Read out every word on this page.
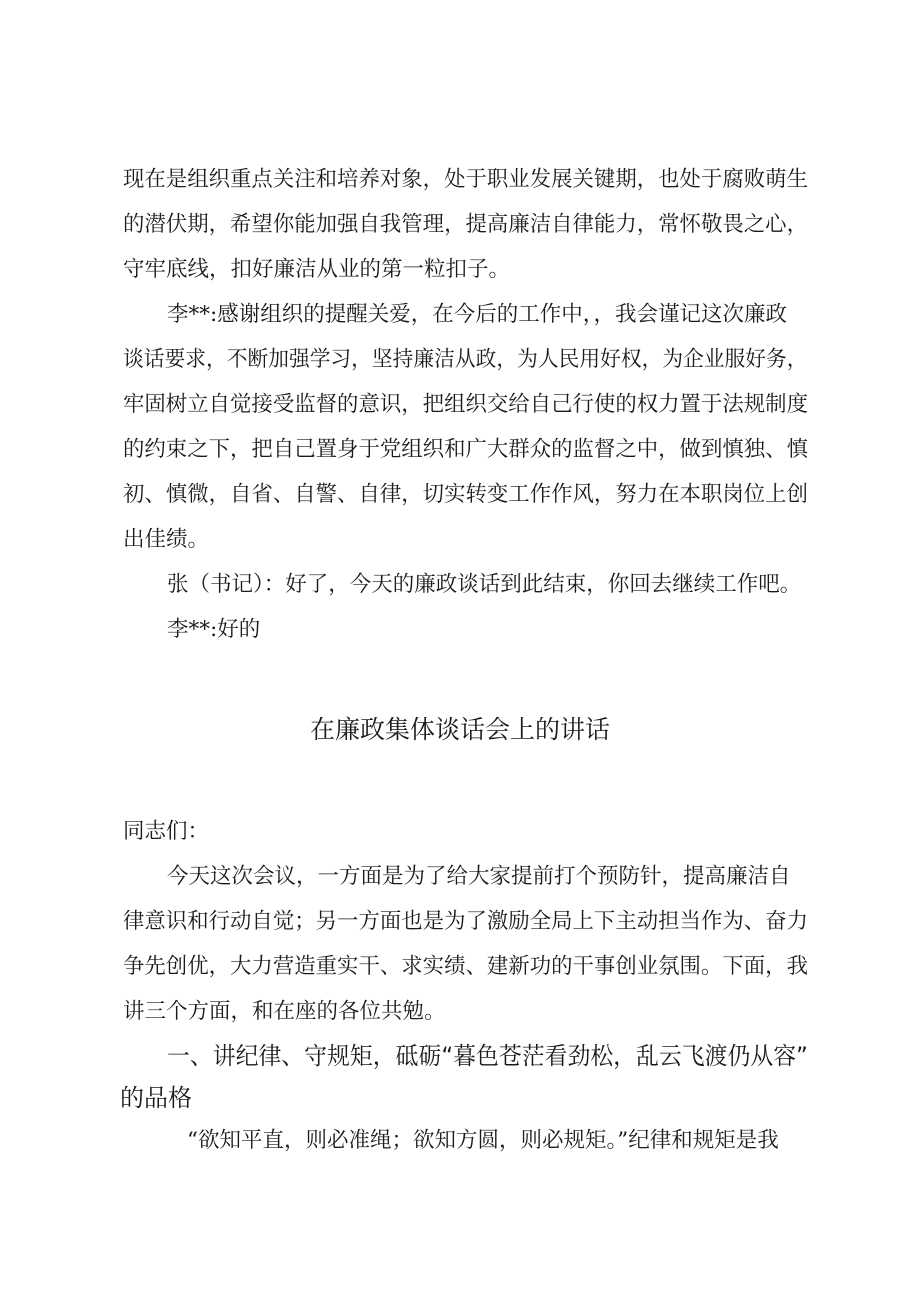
现在是组织重点关注和培养对象，处于职业发展关键期，也处于腐败萌生
的潜伏期，希望你能加强自我管理，提高廉洁自律能力，常怀敬畏之心，
守牢底线，扣好廉洁从业的第一粒扣子。
李**:感谢组织的提醒关爱，在今后的工作中，，我会谨记这次廉政
谈话要求，不断加强学习，坚持廉洁从政，为人民用好权，为企业服好务，
牢固树立自觉接受监督的意识，把组织交给自己行使的权力置于法规制度
的约束之下，把自己置身于党组织和广大群众的监督之中，做到慎独、慎
初、慎微，自省、自警、自律，切实转变工作作风，努力在本职岗位上创
出佳绩。
张（书记）：好了，今天的廉政谈话到此结束，你回去继续工作吧。
李**:好的
在廉政集体谈话会上的讲话
同志们：
今天这次会议，一方面是为了给大家提前打个预防针，提高廉洁自
律意识和行动自觉；另一方面也是为了激励全局上下主动担当作为、奋力
争先创优，大力营造重实干、求实绩、建新功的干事创业氛围。下面，我
讲三个方面，和在座的各位共勉。
一、讲纪律、守规矩，砥砺“暮色苍茫看劲松，乱云飞渡仍从容”
的品格
“欲知平直，则必准绳；欲知方圆，则必规矩。”纪律和规矩是我
